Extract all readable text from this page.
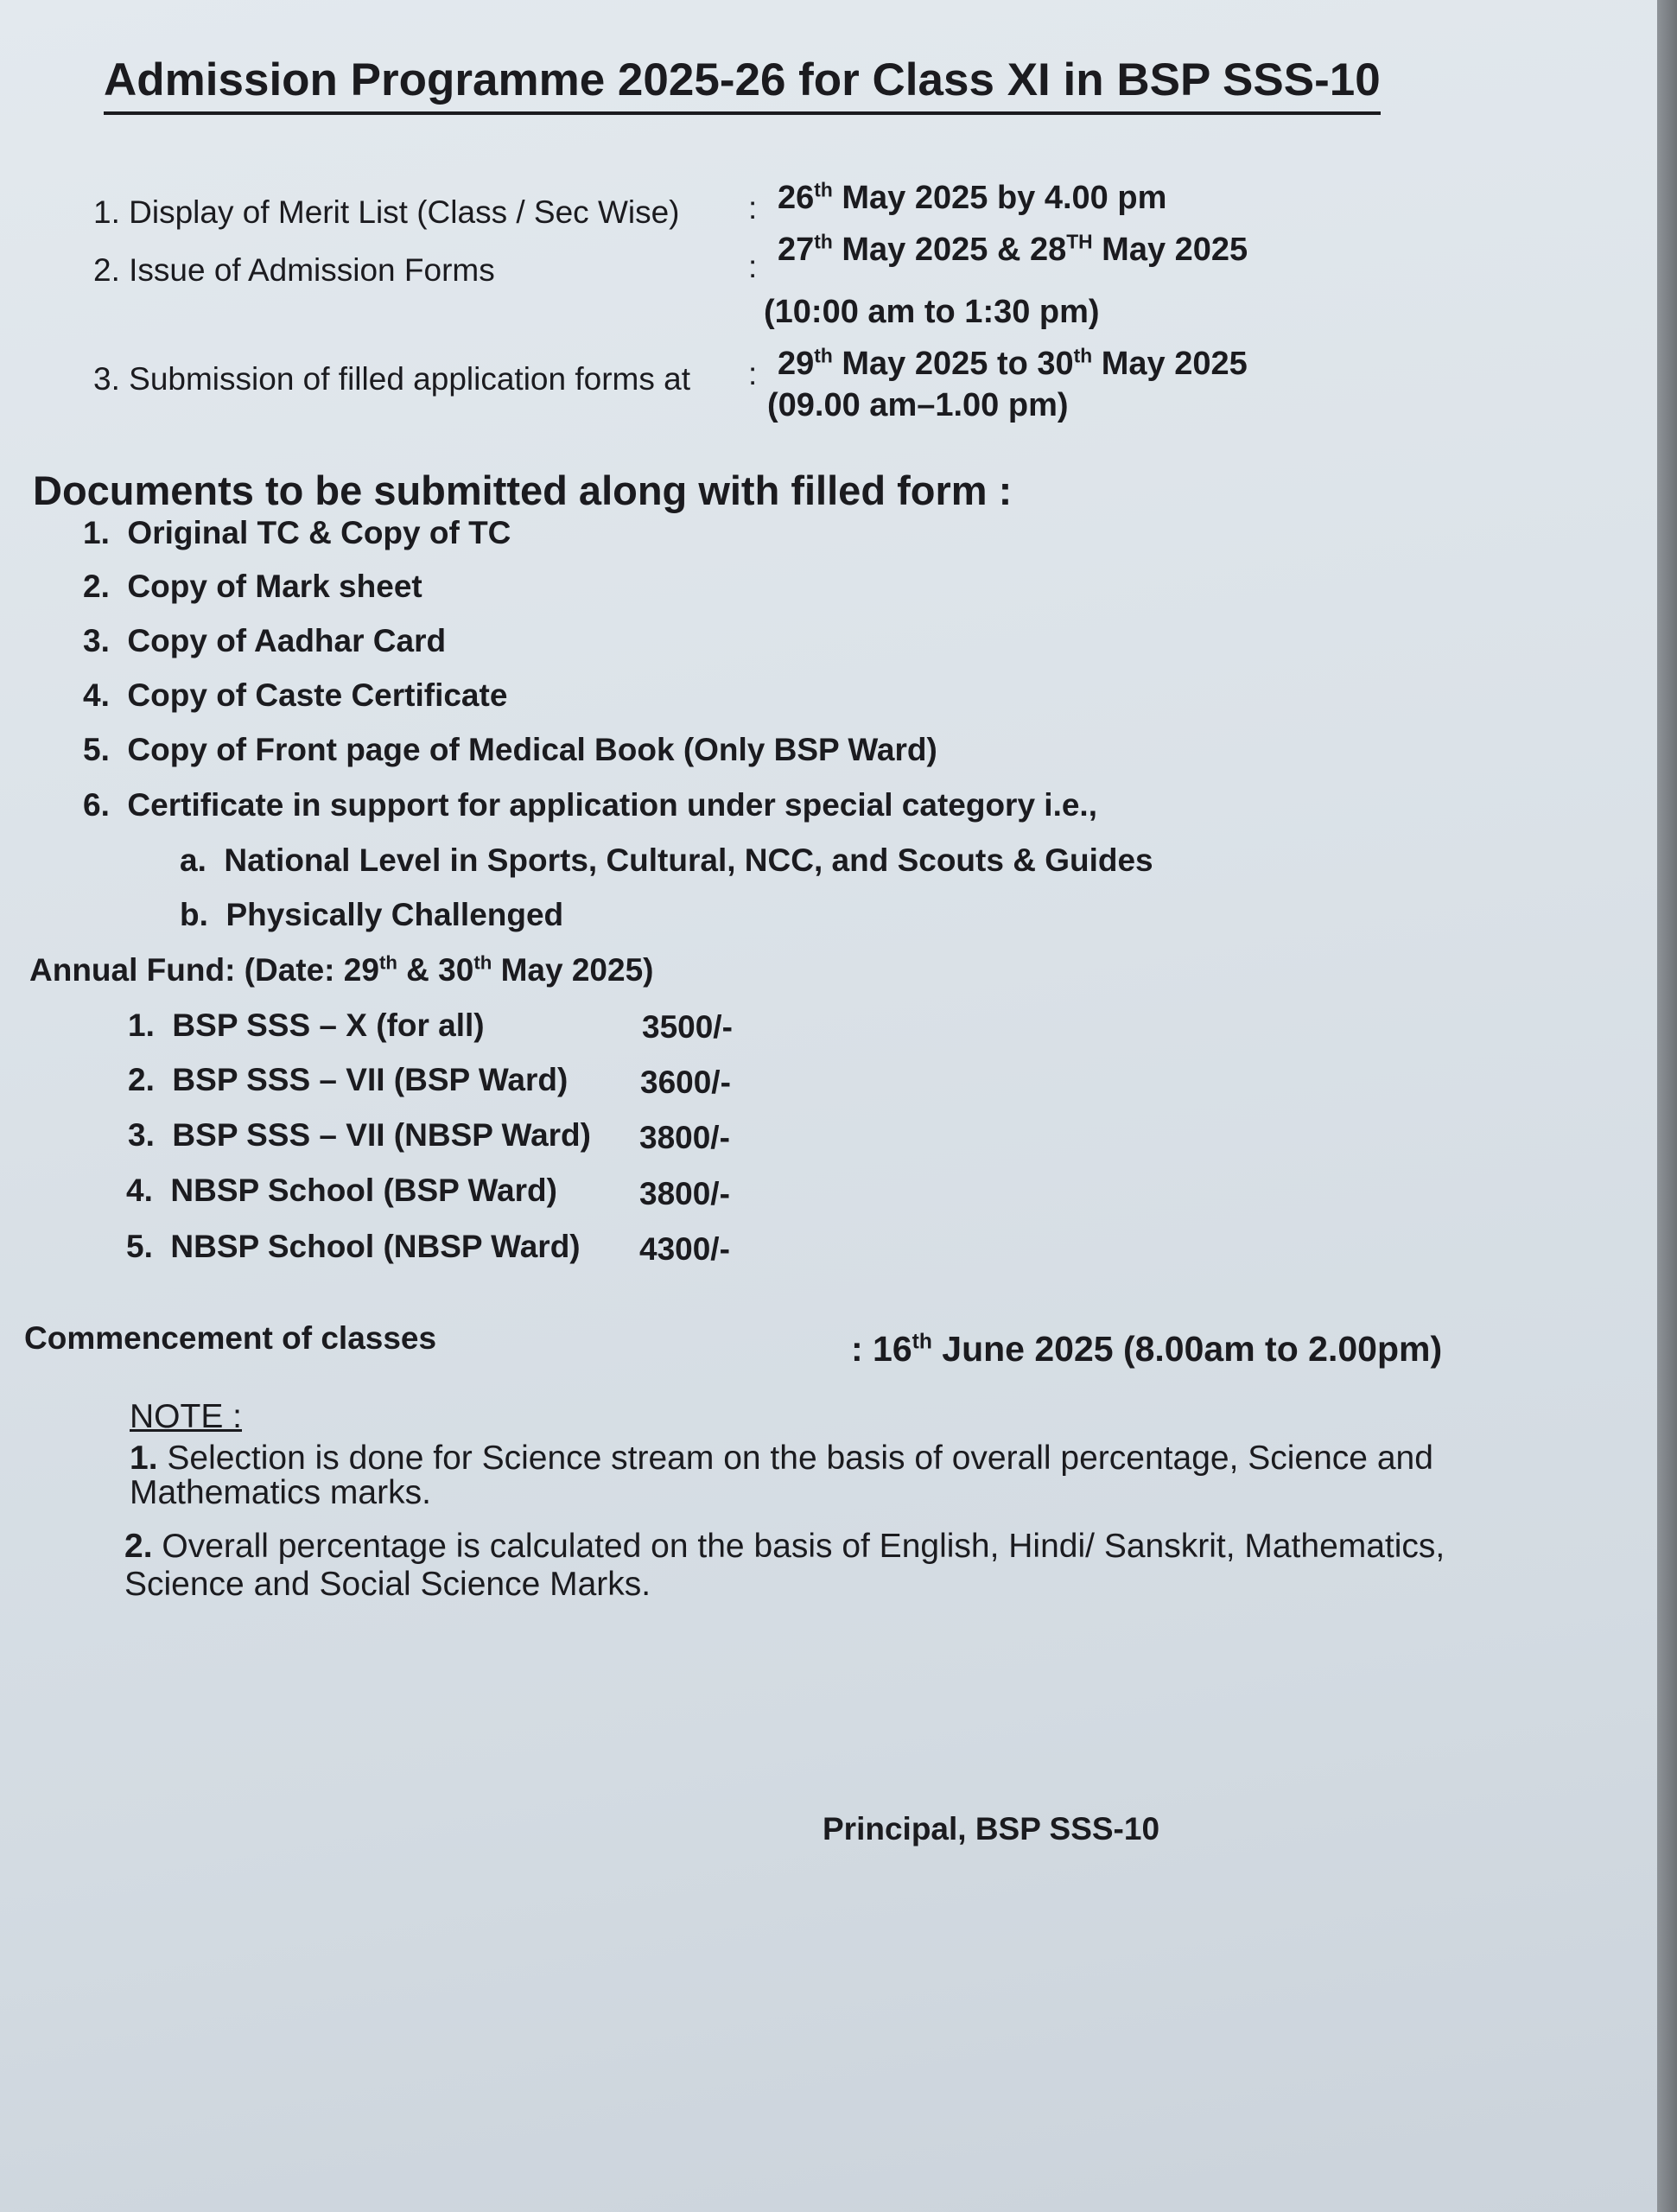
Admission Programme 2025-26 for Class XI in BSP SSS-10
1. Display of Merit List (Class / Sec Wise) : 26th May 2025 by 4.00 pm
2. Issue of Admission Forms	: 27th May 2025 & 28TH May 2025
(10:00 am to 1:30 pm)
3. Submission of filled application forms at : 29th May 2025 to 30th May 2025
(09.00 am–1.00 pm)
Documents to be submitted along with filled form :
1. Original TC & Copy of TC
2. Copy of Mark sheet
3. Copy of Aadhar Card
4. Copy of Caste Certificate
5. Copy of Front page of Medical Book (Only BSP Ward)
6. Certificate in support for application under special category i.e.,
a. National Level in Sports, Cultural, NCC, and Scouts & Guides
b. Physically Challenged
Annual Fund: (Date: 29th & 30th May 2025)
1. BSP SSS – X (for all)	3500/-
2. BSP SSS – VII (BSP Ward) 3600/-
3. BSP SSS – VII (NBSP Ward) 3800/-
4. NBSP School (BSP Ward)	3800/-
5. NBSP School (NBSP Ward) 4300/-
Commencement of classes	: 16th June 2025 (8.00am to 2.00pm)
NOTE :
1. Selection is done for Science stream on the basis of overall percentage, Science and Mathematics marks.
2. Overall percentage is calculated on the basis of English, Hindi/ Sanskrit, Mathematics, Science and Social Science Marks.
Principal, BSP SSS-10
